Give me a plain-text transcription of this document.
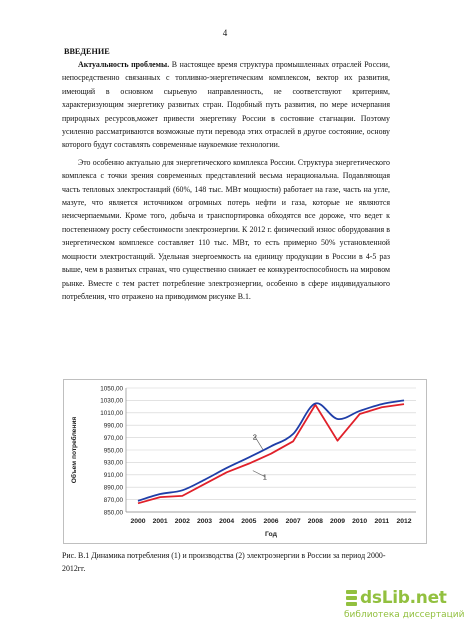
4
ВВЕДЕНИЕ

Актуальность проблемы. В настоящее время структура промышленных отраслей России, непосредственно связанных с топливно-энергетическим комплексом, вектор их развития, имеющий в основном сырьевую направленность, не соответствуют критериям, характеризующим энергетику развитых стран. Подобный путь развития, по мере исчерпания природных ресурсов,может привести энергетику России в состояние стагнации. Поэтому усиленно рассматриваются возможные пути перевода этих отраслей в другое состояние, основу которого будут составлять современные наукоемкие технологии.

Это особенно актуально для энергетического комплекса России. Структура энергетического комплекса с точки зрения современных представлений весьма нерациональна. Подавляющая часть тепловых электростанций (60%, 148 тыс. МВт мощности) работает на газе, часть на угле, мазуте, что является источником огромных потерь нефти и газа, которые не являются неисчерпаемыми. Кроме того, добыча и транспортировка обходятся все дороже, что ведет к постепенному росту себестоимости электроэнергии. К 2012 г. физический износ оборудования в энергетическом комплексе составляет 110 тыс. МВт, то есть примерно 50% установленной мощности электростанций. Удельная энергоемкость на единицу продукции в России в 4-5 раз выше, чем в развитых странах, что существенно снижает ее конкурентоспособность на мировом рынке. Вместе с тем растет потребление электроэнергии, особенно в сфере индивидуального потребления, что отражено на приводимом рисунке В.1.

850,00
870,00
890,00
910,00
930,00
950,00
970,00
990,00
1010,00
1030,00
1050,00
2000 2001 2002 2003 2004 2005 2006 2007 2008 2009 2010 2011 2012
Год
Объем потребления	1
2
Рис. В.1 Динамика потребления (1) и производства (2) электроэнергии в России за период 2000-2012гг.
dsLib.net
библиотека диссертаций
